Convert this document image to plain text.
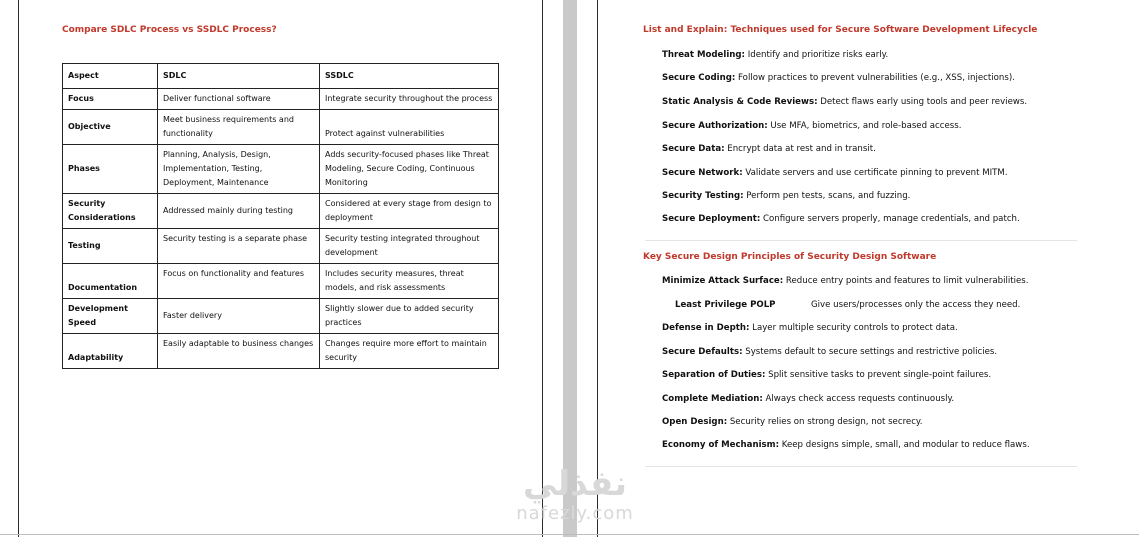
Compare SDLC Process vs SSDLC Process?
Aspect	SDLC	SSDLC
Focus	Deliver functional software	Integrate security throughout the process
Objective	Meet business requirements and functionality	Protect against vulnerabilities
Phases	Planning, Analysis, Design, Implementation, Testing, Deployment, Maintenance	Adds security-focused phases like Threat Modeling, Secure Coding, Continuous Monitoring
Security Considerations	Addressed mainly during testing	Considered at every stage from design to deployment
Testing	Security testing is a separate phase	Security testing integrated throughout development
Documentation	Focus on functionality and features	Includes security measures, threat models, and risk assessments
Development Speed	Faster delivery	Slightly slower due to added security practices
Adaptability	Easily adaptable to business changes	Changes require more effort to maintain security
List and Explain: Techniques used for Secure Software Development Lifecycle
Threat Modeling: Identify and prioritize risks early.
Secure Coding: Follow practices to prevent vulnerabilities (e.g., XSS, injections).
Static Analysis & Code Reviews: Detect flaws early using tools and peer reviews.
Secure Authorization: Use MFA, biometrics, and role-based access.
Secure Data: Encrypt data at rest and in transit.
Secure Network: Validate servers and use certificate pinning to prevent MITM.
Security Testing: Perform pen tests, scans, and fuzzing.
Secure Deployment: Configure servers properly, manage credentials, and patch.
Key Secure Design Principles of Security Design Software
Minimize Attack Surface: Reduce entry points and features to limit vulnerabilities.
Least Privilege POLP	Give users/processes only the access they need.
Defense in Depth: Layer multiple security controls to protect data.
Secure Defaults: Systems default to secure settings and restrictive policies.
Separation of Duties: Split sensitive tasks to prevent single-point failures.
Complete Mediation: Always check access requests continuously.
Open Design: Security relies on strong design, not secrecy.
Economy of Mechanism: Keep designs simple, small, and modular to reduce flaws.
نفذلي
nafezly.com
